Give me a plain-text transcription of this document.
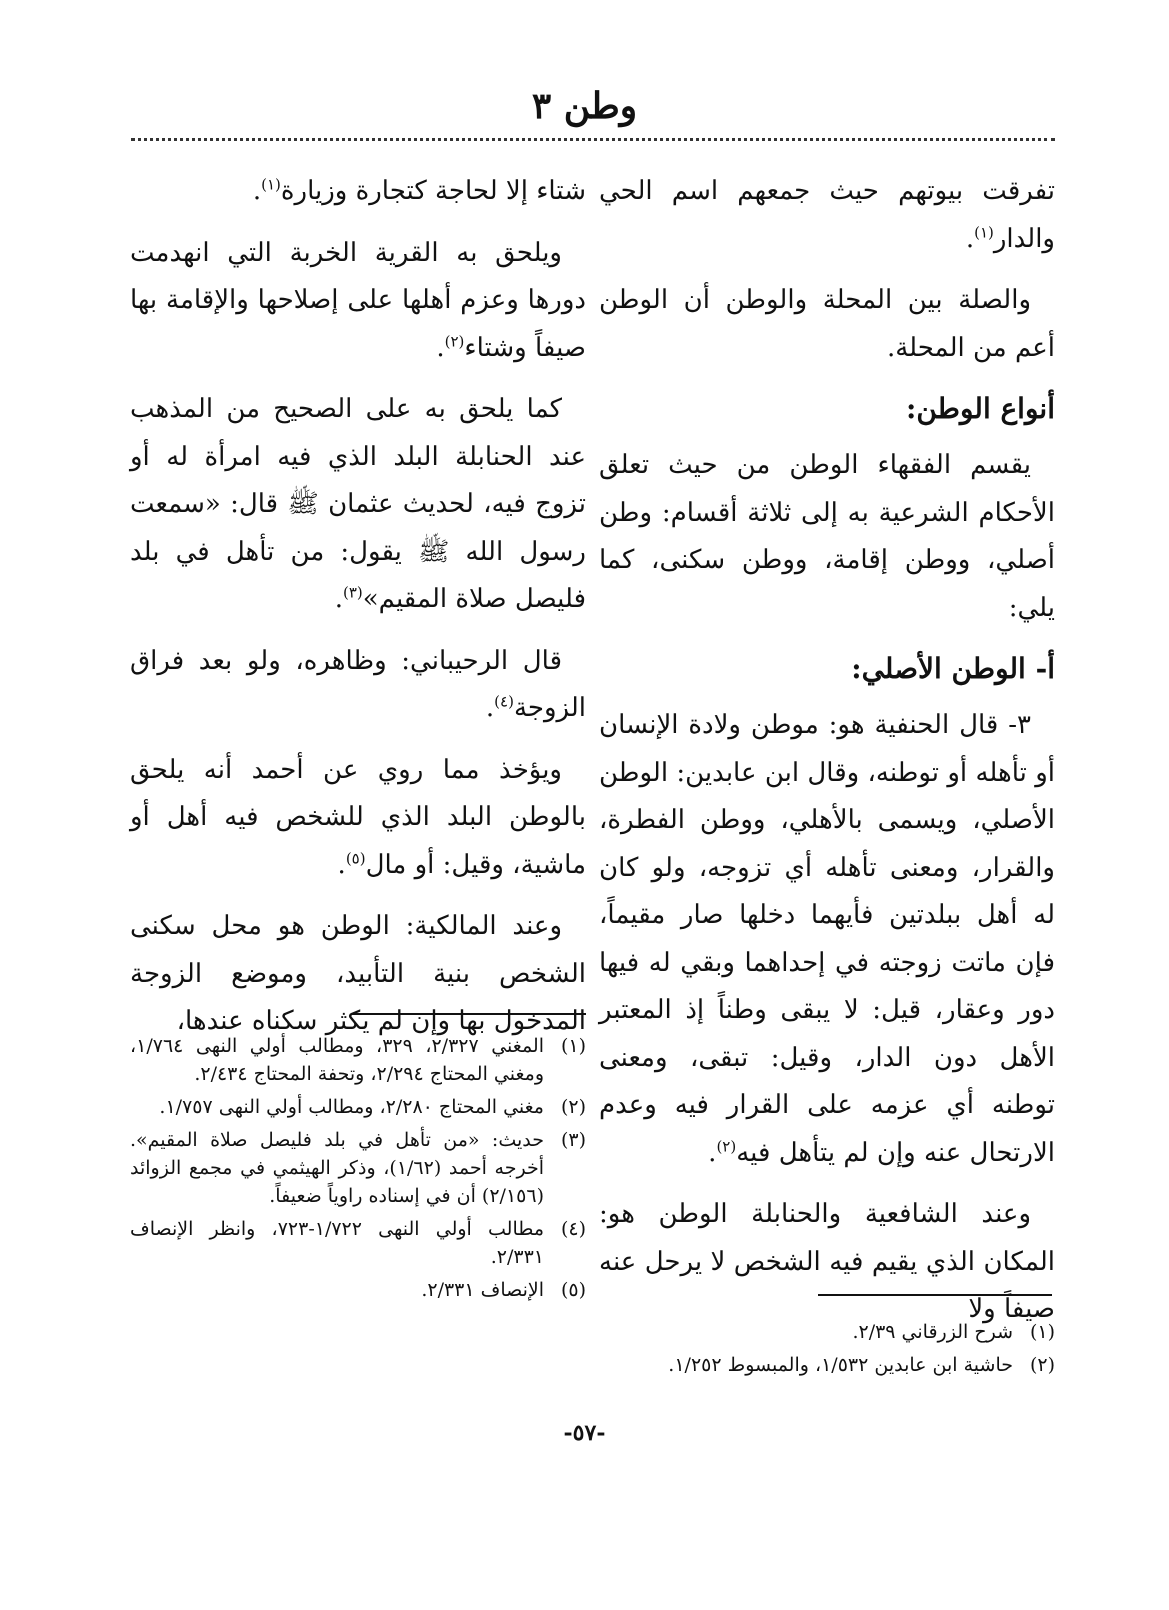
وطن ٣

تفرقت بيوتهم حيث جمعهم اسم الحي والدار$^{(١)}$.

والصلة بين المحلة والوطن أن الوطن أعم من المحلة.

أنواع الوطن:

يقسم الفقهاء الوطن من حيث تعلق الأحكام الشرعية به إلى ثلاثة أقسام: وطن أصلي، ووطن إقامة، ووطن سكنى، كما يلي:

أ- الوطن الأصلي:

٣- قال الحنفية هو: موطن ولادة الإنسان أو تأهله أو توطنه، وقال ابن عابدين: الوطن الأصلي، ويسمى بالأهلي، ووطن الفطرة، والقرار، ومعنى تأهله أي تزوجه، ولو كان له أهل ببلدتين فأيهما دخلها صار مقيماً، فإن ماتت زوجته في إحداهما وبقي له فيها دور وعقار، قيل: لا يبقى وطناً إذ المعتبر الأهل دون الدار، وقيل: تبقى، ومعنى توطنه أي عزمه على القرار فيه وعدم الارتحال عنه وإن لم يتأهل فيه$^{(٢)}$.

وعند الشافعية والحنابلة الوطن هو: المكان الذي يقيم فيه الشخص لا يرحل عنه صيفاً ولا

شتاء إلا لحاجة كتجارة وزيارة$^{(١)}$.

ويلحق به القرية الخربة التي انهدمت دورها وعزم أهلها على إصلاحها والإقامة بها صيفاً وشتاء$^{(٢)}$.

كما يلحق به على الصحيح من المذهب عند الحنابلة البلد الذي فيه امرأة له أو تزوج فيه، لحديث عثمان ﷺ قال: «سمعت رسول الله ﷺ يقول: من تأهل في بلد فليصل صلاة المقيم»$^{(٣)}$.

قال الرحيباني: وظاهره، ولو بعد فراق الزوجة$^{(٤)}$.

ويؤخذ مما روي عن أحمد أنه يلحق بالوطن البلد الذي للشخص فيه أهل أو ماشية، وقيل: أو مال$^{(٥)}$.

وعند المالكية: الوطن هو محل سكنى الشخص بنية التأبيد، وموضع الزوجة المدخول بها وإن لم يكثر سكناه عندها،

(١)
المغني ٢/٣٢٧، ٣٢٩، ومطالب أولي النهى ١/٧٦٤، ومغني المحتاج ٢/٢٩٤، وتحفة المحتاج ٢/٤٣٤.
(٢)
مغني المحتاج ٢/٢٨٠، ومطالب أولي النهى ١/٧٥٧.
(٣)
حديث: «من تأهل في بلد فليصل صلاة المقيم». أخرجه أحمد (١/٦٢)، وذكر الهيثمي في مجمع الزوائد (٢/١٥٦) أن في إسناده راوياً ضعيفاً.
(٤)
مطالب أولي النهى ١/٧٢٢-٧٢٣، وانظر الإنصاف ٢/٣٣١.
(٥)
الإنصاف ٢/٣٣١.
(١)
شرح الزرقاني ٢/٣٩.
(٢)
حاشية ابن عابدين ١/٥٣٢، والمبسوط ١/٢٥٢.
-٥٧-
